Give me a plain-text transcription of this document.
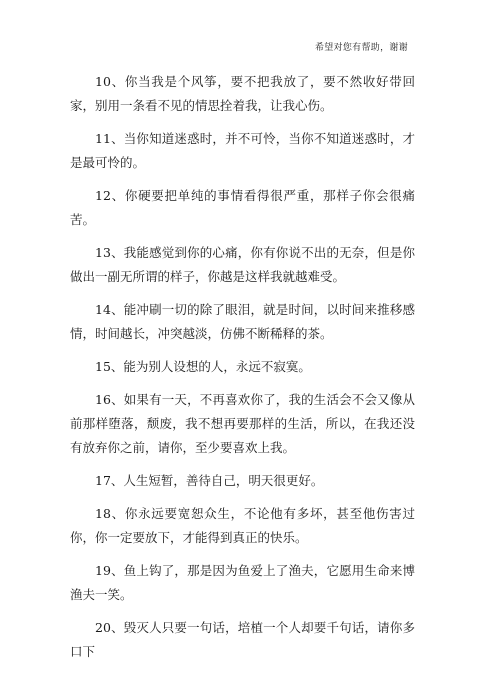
希望对您有帮助，谢谢

10、你当我是个风筝，要不把我放了，要不然收好带回家，别用一条看不见的情思拴着我，让我心伤。

11、当你知道迷惑时，并不可怜，当你不知道迷惑时，才是最可怜的。

12、你硬要把单纯的事情看得很严重，那样子你会很痛苦。

13、我能感觉到你的心痛，你有你说不出的无奈，但是你做出一副无所谓的样子，你越是这样我就越难受。

14、能冲刷一切的除了眼泪，就是时间，以时间来推移感情，时间越长，冲突越淡，仿佛不断稀释的茶。

15、能为别人设想的人，永远不寂寞。

16、如果有一天，不再喜欢你了，我的生活会不会又像从前那样堕落，颓废，我不想再要那样的生活，所以，在我还没有放弃你之前，请你，至少要喜欢上我。

17、人生短暂，善待自己，明天很更好。

18、你永远要宽恕众生，不论他有多坏，甚至他伤害过你，你一定要放下，才能得到真正的快乐。

19、鱼上钩了，那是因为鱼爱上了渔夫，它愿用生命来博渔夫一笑。

20、毁灭人只要一句话，培植一个人却要千句话，请你多口下
